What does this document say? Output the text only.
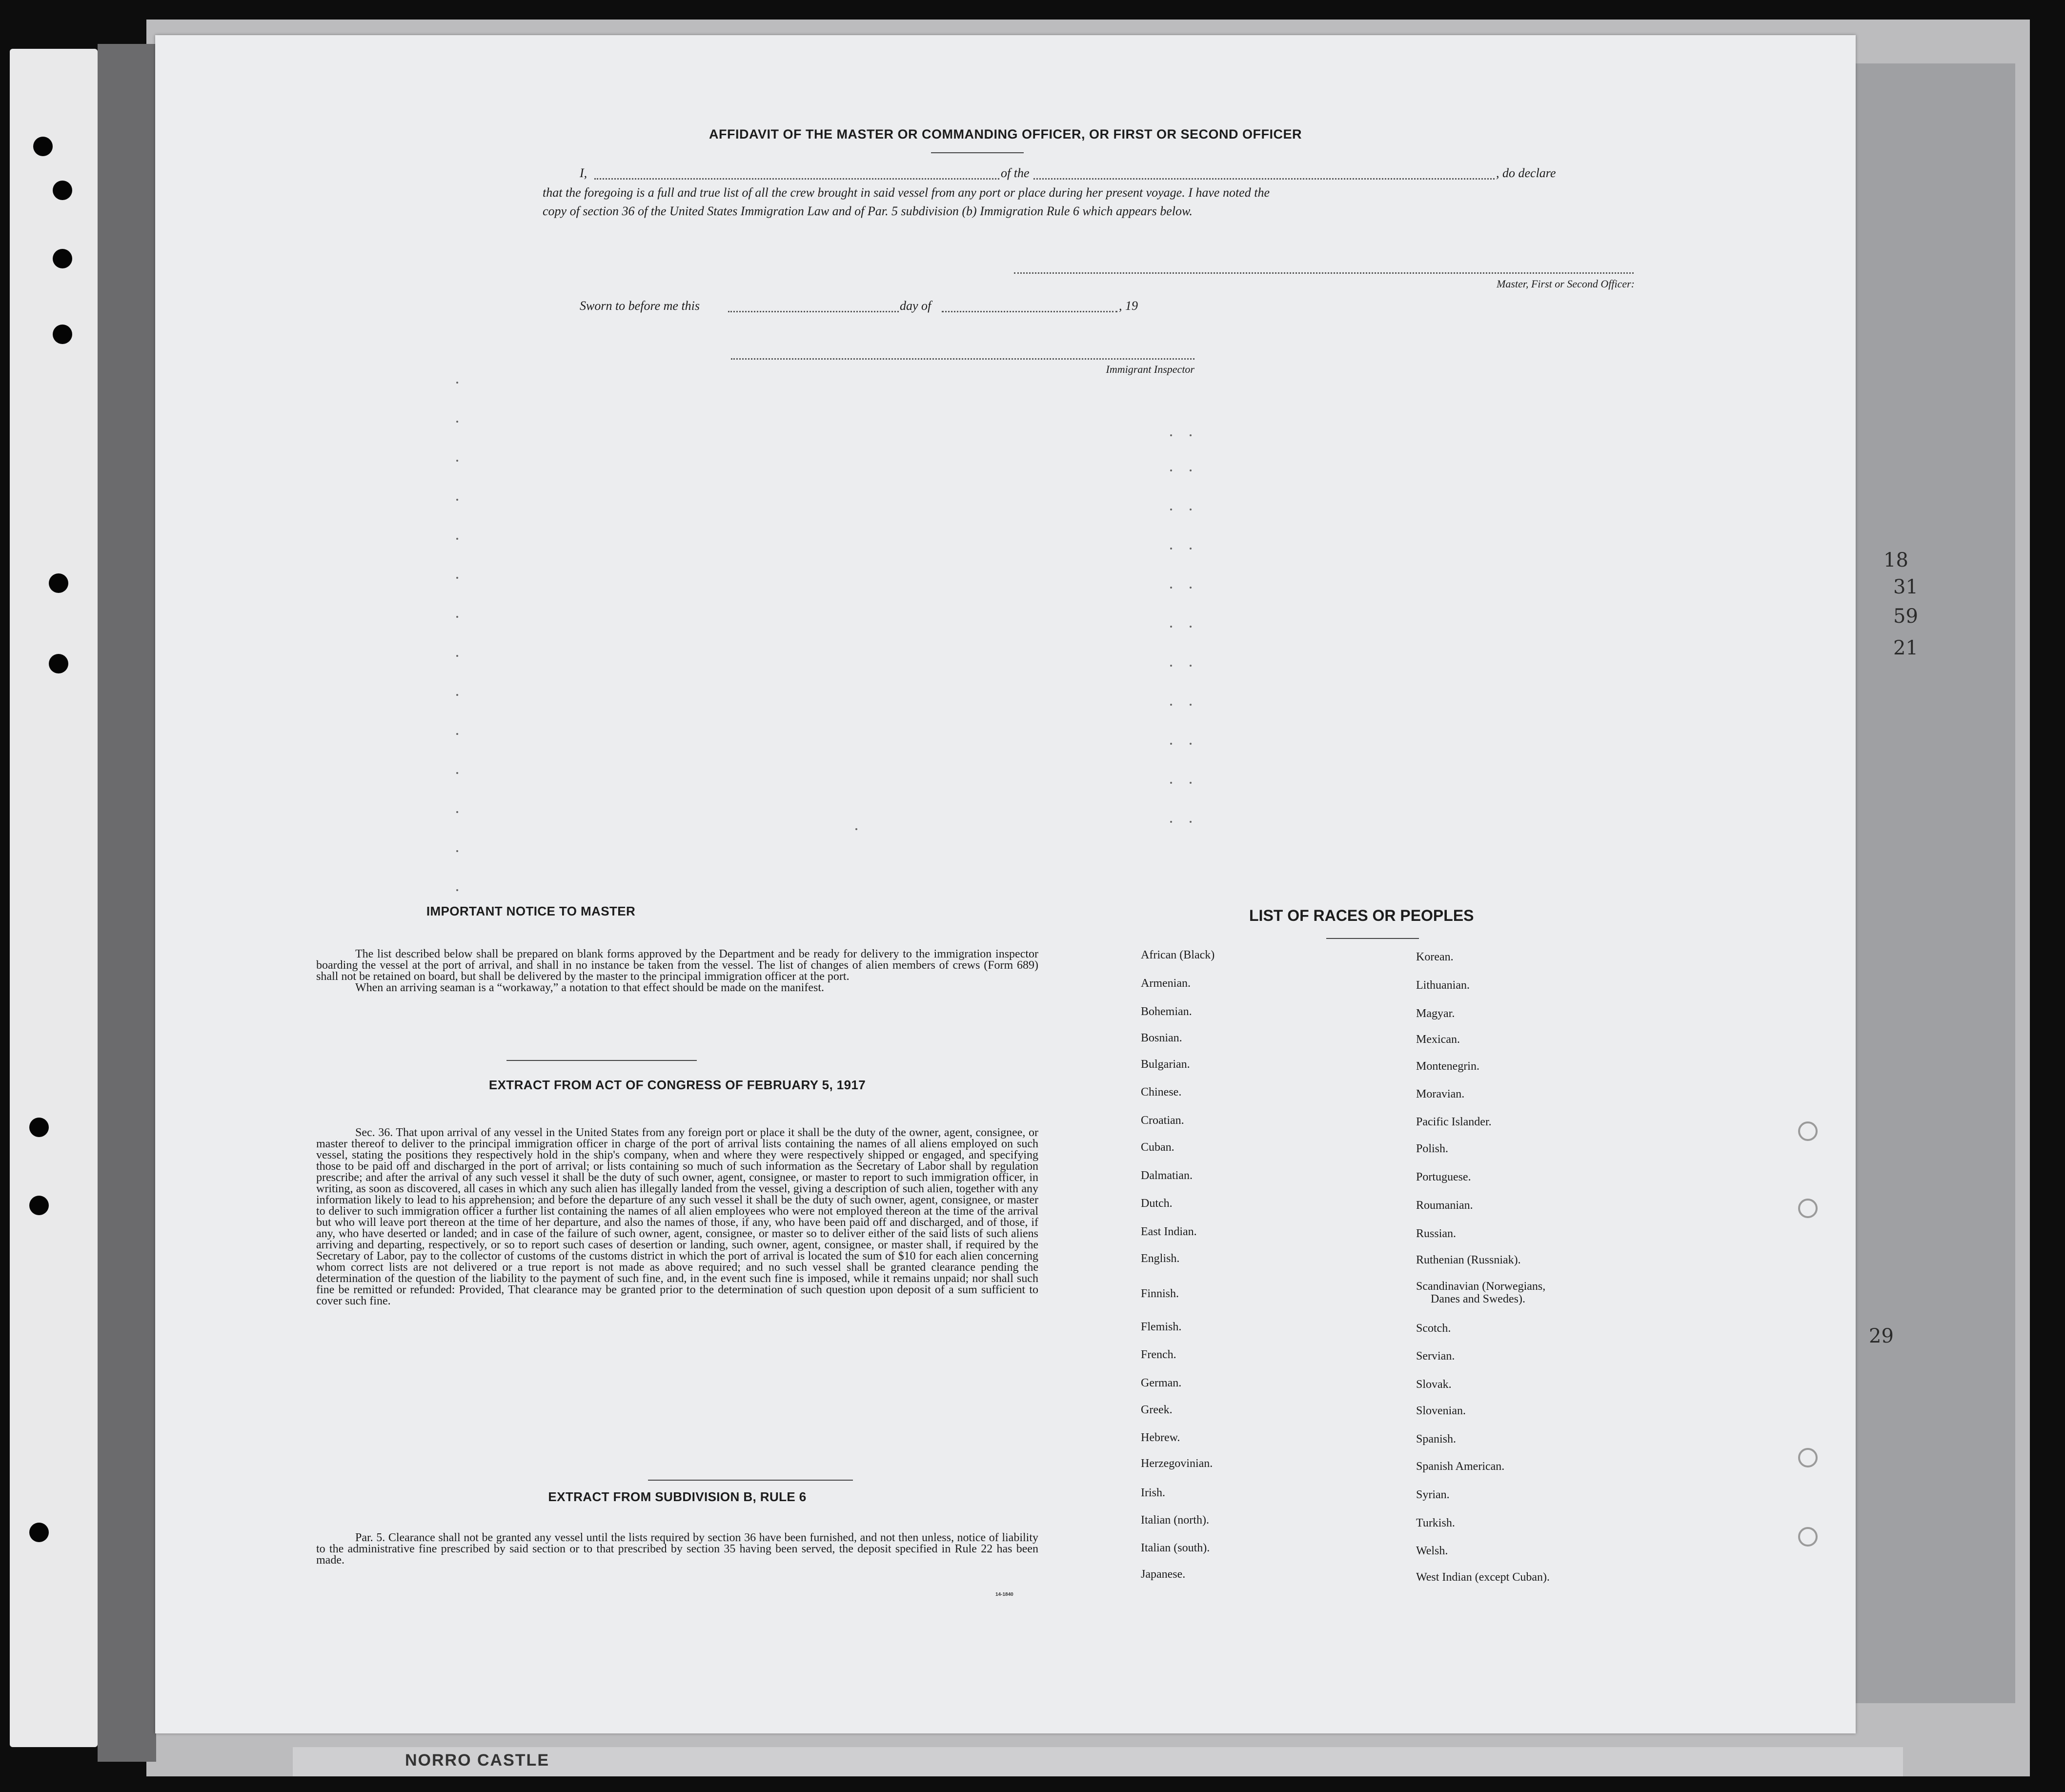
NORRO CASTLE
18
31
59
21
29
AFFIDAVIT OF THE MASTER OR COMMANDING OFFICER, OR FIRST OR SECOND OFFICER
I,	of the	, do declare
that the foregoing is a full and true list of all the crew brought in said vessel from any port or place during her present voyage. I have noted the
copy of section 36 of the United States Immigration Law and of Par. 5 subdivision (b) Immigration Rule 6 which appears below.
Master, First or Second Officer:
Sworn to before me this	day of	, 19
Immigrant Inspector
IMPORTANT NOTICE TO MASTER

The list described below shall be prepared on blank forms approved by the Department and be ready for delivery to the immigration inspector boarding the vessel at the port of arrival, and shall in no instance be taken from the vessel. The list of changes of alien members of crews (Form 689) shall not be retained on board, but shall be delivered by the master to the principal immigration officer at the port.

When an arriving seaman is a “workaway,” a notation to that effect should be made on the manifest.

EXTRACT FROM ACT OF CONGRESS OF FEBRUARY 5, 1917

Sec. 36. That upon arrival of any vessel in the United States from any foreign port or place it shall be the duty of the owner, agent, consignee, or master thereof to deliver to the principal immigration officer in charge of the port of arrival lists containing the names of all aliens employed on such vessel, stating the positions they respectively hold in the ship's company, when and where they were respectively shipped or engaged, and specifying those to be paid off and discharged in the port of arrival; or lists containing so much of such information as the Secretary of Labor shall by regulation prescribe; and after the arrival of any such vessel it shall be the duty of such owner, agent, consignee, or master to report to such immigration officer, in writing, as soon as discovered, all cases in which any such alien has illegally landed from the vessel, giving a description of such alien, together with any information likely to lead to his apprehension; and before the departure of any such vessel it shall be the duty of such owner, agent, consignee, or master to deliver to such immigration officer a further list containing the names of all alien employees who were not employed thereon at the time of the arrival but who will leave port thereon at the time of her departure, and also the names of those, if any, who have been paid off and discharged, and of those, if any, who have deserted or landed; and in case of the failure of such owner, agent, consignee, or master so to deliver either of the said lists of such aliens arriving and departing, respectively, or so to report such cases of desertion or landing, such owner, agent, consignee, or master shall, if required by the Secretary of Labor, pay to the collector of customs of the customs district in which the port of arrival is located the sum of $10 for each alien concerning whom correct lists are not delivered or a true report is not made as above required; and no such vessel shall be granted clearance pending the determination of the question of the liability to the payment of such fine, and, in the event such fine is imposed, while it remains unpaid; nor shall such fine be remitted or refunded: Provided, That clearance may be granted prior to the determination of such question upon deposit of a sum sufficient to cover such fine.

EXTRACT FROM SUBDIVISION B, RULE 6

Par. 5. Clearance shall not be granted any vessel until the lists required by section 36 have been furnished, and not then unless, notice of liability to the administrative fine prescribed by said section or to that prescribed by section 35 having been served, the deposit specified in Rule 22 has been made.

14-1840
LIST OF RACES OR PEOPLES
African (Black)
Armenian.
Bohemian.
Bosnian.
Bulgarian.
Chinese.
Croatian.
Cuban.
Dalmatian.
Dutch.
East Indian.
English.
Finnish.
Flemish.
French.
German.
Greek.
Hebrew.
Herzegovinian.
Irish.
Italian (north).
Italian (south).
Japanese.
Korean.
Lithuanian.
Magyar.
Mexican.
Montenegrin.
Moravian.
Pacific Islander.
Polish.
Portuguese.
Roumanian.
Russian.
Ruthenian (Russniak).
Scandinavian (Norwegians,
Danes and Swedes).
Scotch.
Servian.
Slovak.
Slovenian.
Spanish.
Spanish American.
Syrian.
Turkish.
Welsh.
West Indian (except Cuban).
